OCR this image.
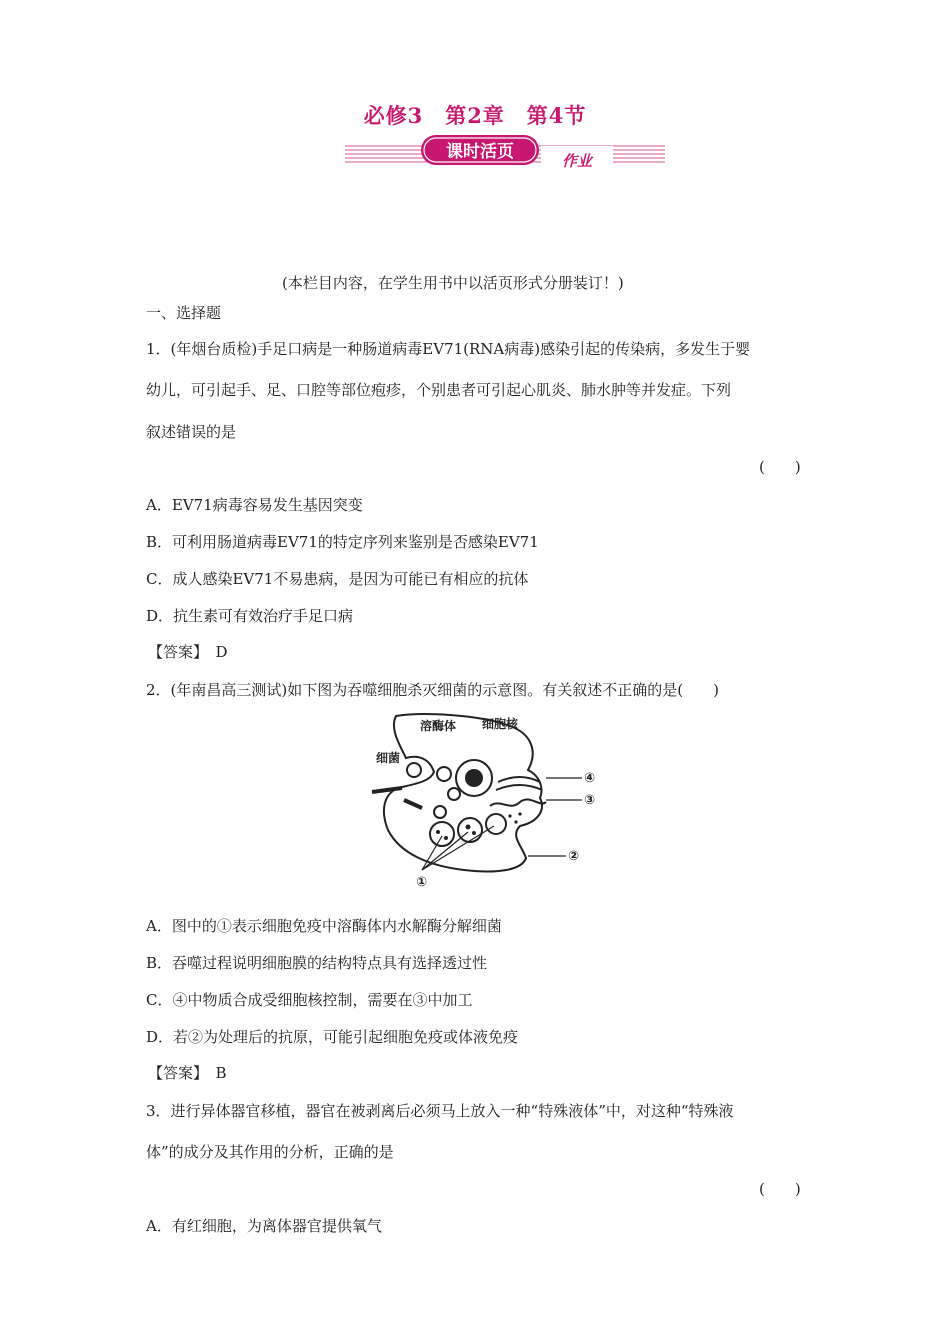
必修3　第2章　第4节
课时活页	作业
(本栏目内容，在学生用书中以活页形式分册装订！)
一、选择题
1．(年烟台质检)手足口病是一种肠道病毒EV71(RNA病毒)感染引起的传染病，多发生于婴
幼儿，可引起手、足、口腔等部位疱疹，个别患者可引起心肌炎、肺水肿等并发症。下列
叙述错误的是
(　　)
A．EV71病毒容易发生基因突变
B．可利用肠道病毒EV71的特定序列来鉴别是否感染EV71
C．成人感染EV71不易患病，是因为可能已有相应的抗体
D．抗生素可有效治疗手足口病
【答案】　D
2．(年南昌高三测试)如下图为吞噬细胞杀灭细菌的示意图。有关叙述不正确的是(　　)
溶酶体 细胞核
细菌
④
③
②
①
A．图中的①表示细胞免疫中溶酶体内水解酶分解细菌
B．吞噬过程说明细胞膜的结构特点具有选择透过性
C．④中物质合成受细胞核控制，需要在③中加工
D．若②为处理后的抗原，可能引起细胞免疫或体液免疫
【答案】　B
3．进行异体器官移植，器官在被剥离后必须马上放入一种“特殊液体”中，对这种“特殊液
体”的成分及其作用的分析，正确的是
(　　)
A．有红细胞，为离体器官提供氧气
